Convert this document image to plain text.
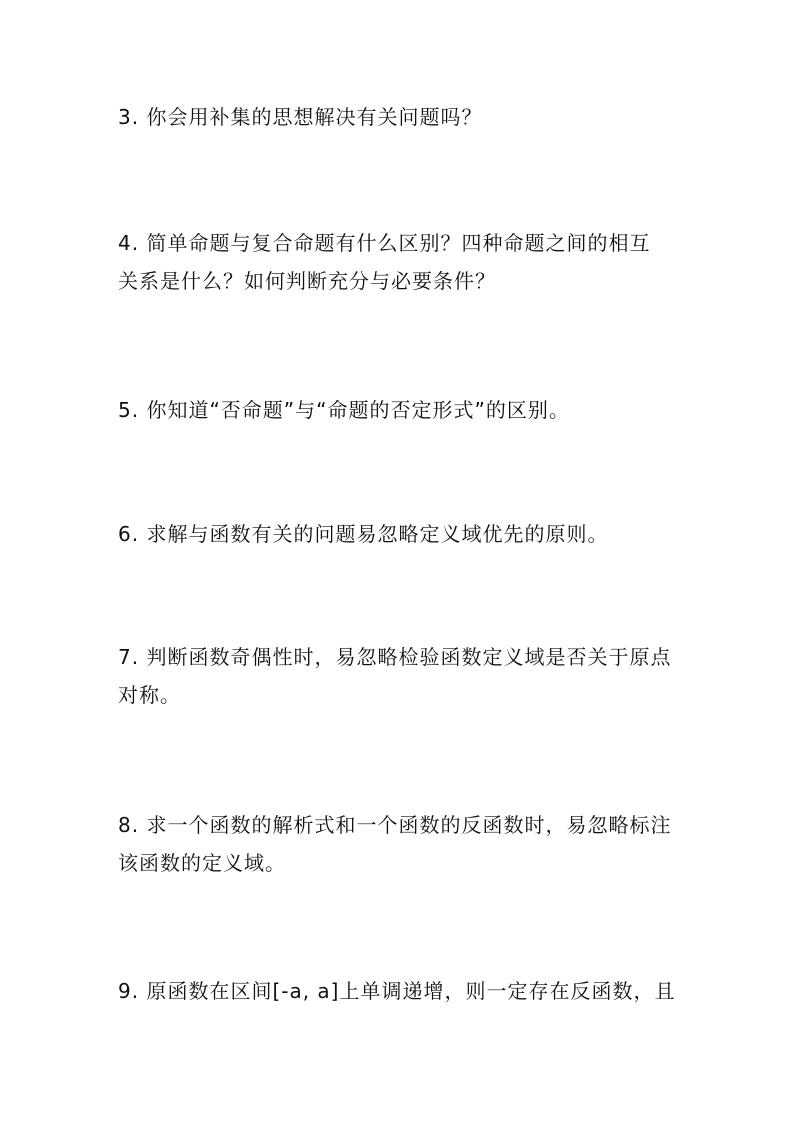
3. 你会用补集的思想解决有关问题吗？
4. 简单命题与复合命题有什么区别？四种命题之间的相互
关系是什么？如何判断充分与必要条件？
5. 你知道“否命题”与“命题的否定形式”的区别。
6. 求解与函数有关的问题易忽略定义域优先的原则。
7. 判断函数奇偶性时，易忽略检验函数定义域是否关于原点
对称。
8. 求一个函数的解析式和一个函数的反函数时，易忽略标注
该函数的定义域。
9. 原函数在区间[-a, a]上单调递增，则一定存在反函数，且
